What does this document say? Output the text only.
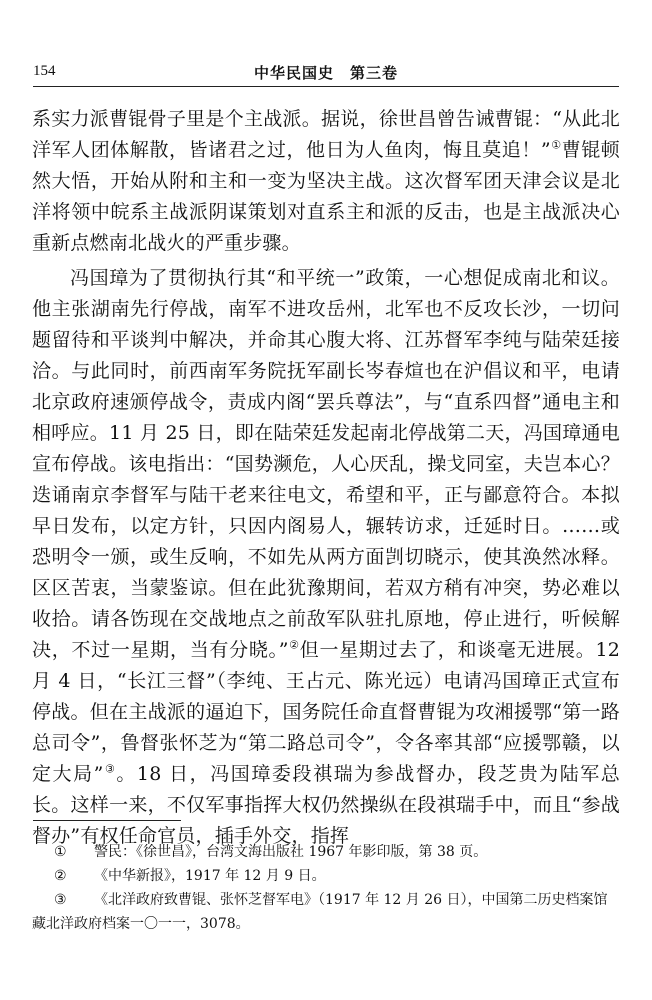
154	中华民国史　第三卷

系实力派曹锟骨子里是个主战派。据说，徐世昌曾告诫曹锟：“从此北洋军人团体解散，皆诸君之过，他日为人鱼肉，悔且莫追！”①曹锟顿然大悟，开始从附和主和一变为坚决主战。这次督军团天津会议是北洋将领中皖系主战派阴谋策划对直系主和派的反击，也是主战派决心重新点燃南北战火的严重步骤。

冯国璋为了贯彻执行其“和平统一”政策，一心想促成南北和议。他主张湖南先行停战，南军不进攻岳州，北军也不反攻长沙，一切问题留待和平谈判中解决，并命其心腹大将、江苏督军李纯与陆荣廷接洽。与此同时，前西南军务院抚军副长岑春煊也在沪倡议和平，电请北京政府速颁停战令，责成内阁“罢兵尊法”，与“直系四督”通电主和相呼应。11 月 25 日，即在陆荣廷发起南北停战第二天，冯国璋通电宣布停战。该电指出：“国势濒危，人心厌乱，操戈同室，夫岂本心？迭诵南京李督军与陆干老来往电文，希望和平，正与鄙意符合。本拟早日发布，以定方针，只因内阁易人，辗转访求，迁延时日。……或恐明令一颁，或生反响，不如先从两方面剀切晓示，使其涣然冰释。区区苦衷，当蒙鉴谅。但在此犹豫期间，若双方稍有冲突，势必难以收拾。请各饬现在交战地点之前敌军队驻扎原地，停止进行，听候解决，不过一星期，当有分晓。”②但一星期过去了，和谈毫无进展。12 月 4 日，“长江三督”（李纯、王占元、陈光远）电请冯国璋正式宣布停战。但在主战派的逼迫下，国务院任命直督曹锟为攻湘援鄂“第一路总司令”，鲁督张怀芝为“第二路总司令”，令各率其部“应援鄂赣，以定大局”③。18 日，冯国璋委段祺瑞为参战督办，段芝贵为陆军总长。这样一来，不仅军事指挥大权仍然操纵在段祺瑞手中，而且“参战督办”有权任命官员，插手外交，指挥

① 警民：《徐世昌》，台湾文海出版社 1967 年影印版，第 38 页。

② 《中华新报》，1917 年 12 月 9 日。

③ 《北洋政府致曹锟、张怀芝督军电》（1917 年 12 月 26 日），中国第二历史档案馆藏北洋政府档案一〇一一，3078。
